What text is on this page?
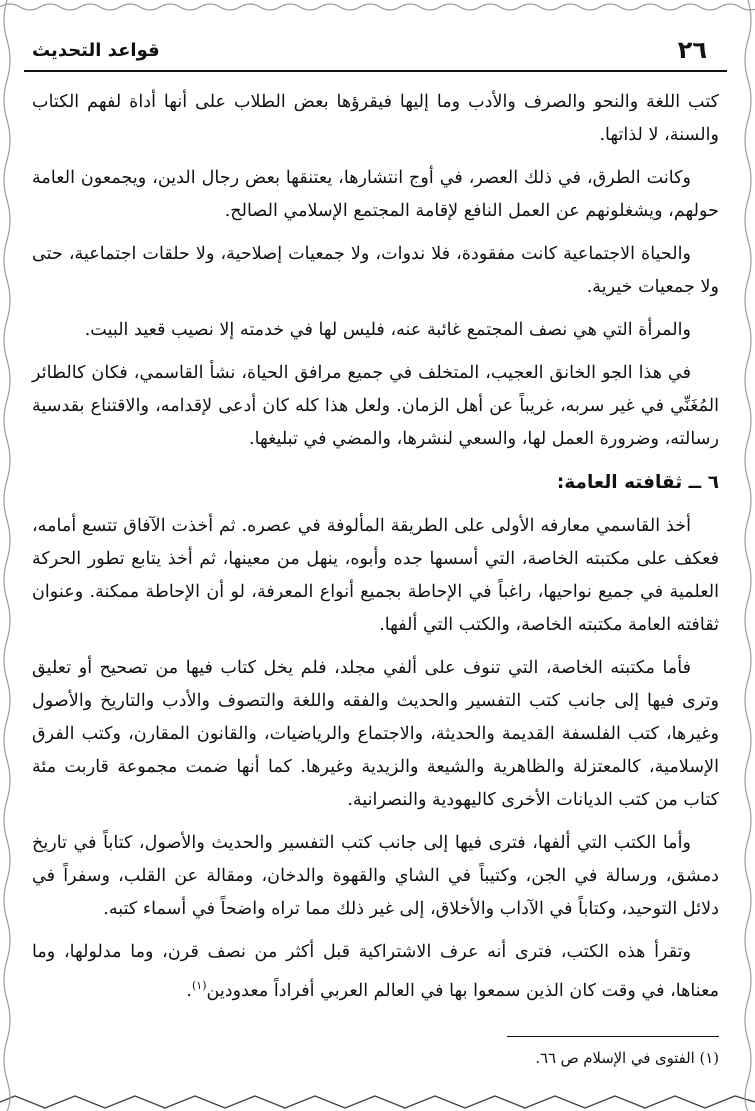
٢٦
قواعد التحديث

كتب اللغة والنحو والصرف والأدب وما إليها فيقرؤها بعض الطلاب على أنها أداة لفهم الكتاب والسنة، لا لذاتها.

وكانت الطرق، في ذلك العصر، في أوج انتشارها، يعتنقها بعض رجال الدين، ويجمعون العامة حولهم، ويشغلونهم عن العمل النافع لإقامة المجتمع الإسلامي الصالح.

والحياة الاجتماعية كانت مفقودة، فلا ندوات، ولا جمعيات إصلاحية، ولا حلقات اجتماعية، حتى ولا جمعيات خيرية.

والمرأة التي هي نصف المجتمع غائبة عنه، فليس لها في خدمته إلا نصيب قعيد البيت.

في هذا الجو الخانق العجيب، المتخلف في جميع مرافق الحياة، نشأ القاسمي، فكان كالطائر المُغَنِّي في غير سربه، غريباً عن أهل الزمان. ولعل هذا كله كان أدعى لإقدامه، والاقتناع بقدسية رسالته، وضرورة العمل لها، والسعي لنشرها، والمضي في تبليغها.

٦ ــ ثقافته العامة:

أخذ القاسمي معارفه الأولى على الطريقة المألوفة في عصره. ثم أخذت الآفاق تتسع أمامه، فعكف على مكتبته الخاصة، التي أسسها جده وأبوه، ينهل من معينها، ثم أخذ يتابع تطور الحركة العلمية في جميع نواحيها، راغباً في الإحاطة بجميع أنواع المعرفة، لو أن الإحاطة ممكنة. وعنوان ثقافته العامة مكتبته الخاصة، والكتب التي ألفها.

فأما مكتبته الخاصة، التي تنوف على ألفي مجلد، فلم يخل كتاب فيها من تصحيح أو تعليق وترى فيها إلى جانب كتب التفسير والحديث والفقه واللغة والتصوف والأدب والتاريخ والأصول وغيرها، كتب الفلسفة القديمة والحديثة، والاجتماع والرياضيات، والقانون المقارن، وكتب الفرق الإسلامية، كالمعتزلة والظاهرية والشيعة والزيدية وغيرها. كما أنها ضمت مجموعة قاربت مئة كتاب من كتب الديانات الأخرى كاليهودية والنصرانية.

وأما الكتب التي ألفها، فترى فيها إلى جانب كتب التفسير والحديث والأصول، كتاباً في تاريخ دمشق، ورسالة في الجن، وكتيباً في الشاي والقهوة والدخان، ومقالة عن القلب، وسفراً في دلائل التوحيد، وكتاباً في الآداب والأخلاق، إلى غير ذلك مما تراه واضحاً في أسماء كتبه.

وتقرأ هذه الكتب، فترى أنه عرف الاشتراكية قبل أكثر من نصف قرن، وما مدلولها، وما معناها، في وقت كان الذين سمعوا بها في العالم العربي أفراداً معدودين$^{(١)}$.

(١) الفتوى في الإسلام ص ٦٦.
